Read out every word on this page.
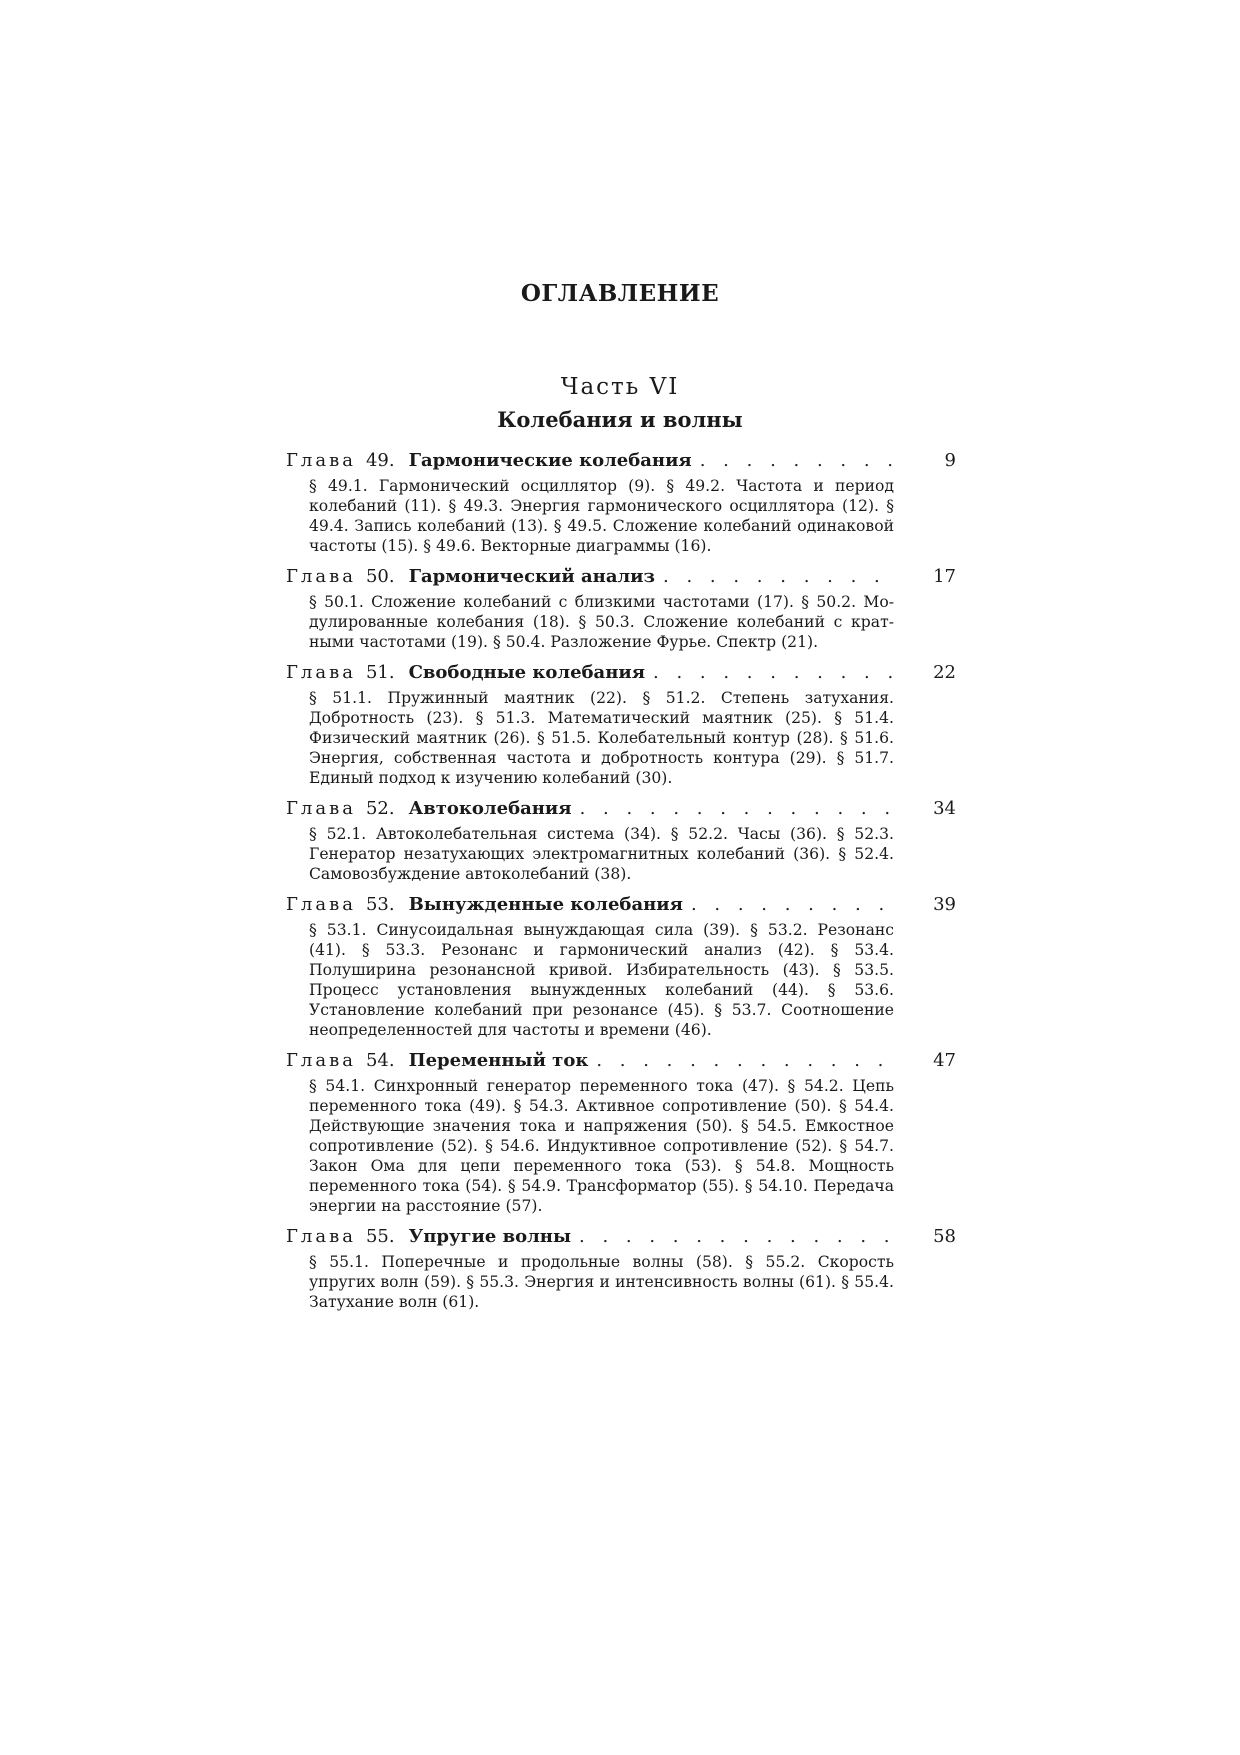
ОГЛАВЛЕНИЕ
Часть VI
Колебания и волны
Глава 49. Гармонические колебания . . .	9
§ 49.1. Гармонический осциллятор (9). § 49.2. Частота и период колебаний (11). § 49.3. Энергия гармонического осциллятора (12). § 49.4. Запись колебаний (13). § 49.5. Сложение колебаний одинаковой частоты (15). § 49.6. Векторные диаграммы (16).
Глава 50. Гармонический анализ . . .	17
§ 50.1. Сложение колебаний с близкими частотами (17). § 50.2. Модулированные колебания (18). § 50.3. Сложение колебаний с кратными частотами (19). § 50.4. Разложение Фурье. Спектр (21).
Глава 51. Свободные колебания . . .	22
§ 51.1. Пружинный маятник (22). § 51.2. Степень затухания. Добротность (23). § 51.3. Математический маятник (25). § 51.4. Физический маятник (26). § 51.5. Колебательный контур (28). § 51.6. Энергия, собственная частота и добротность контура (29). § 51.7. Единый подход к изучению колебаний (30).
Глава 52. Автоколебания . . .	34
§ 52.1. Автоколебательная система (34). § 52.2. Часы (36). § 52.3. Генератор незатухающих электромагнитных колебаний (36). § 52.4. Самовозбуждение автоколебаний (38).
Глава 53. Вынужденные колебания . . .	39
§ 53.1. Синусоидальная вынуждающая сила (39). § 53.2. Резонанс (41). § 53.3. Резонанс и гармонический анализ (42). § 53.4. Полуширина резонансной кривой. Избирательность (43). § 53.5. Процесс установления вынужденных колебаний (44). § 53.6. Установление колебаний при резонансе (45). § 53.7. Соотношение неопределенностей для частоты и времени (46).
Глава 54. Переменный ток . . .	47
§ 54.1. Синхронный генератор переменного тока (47). § 54.2. Цепь переменного тока (49). § 54.3. Активное сопротивление (50). § 54.4. Действующие значения тока и напряжения (50). § 54.5. Емкостное сопротивление (52). § 54.6. Индуктивное сопротивление (52). § 54.7. Закон Ома для цепи переменного тока (53). § 54.8. Мощность переменного тока (54). § 54.9. Трансформатор (55). § 54.10. Передача энергии на расстояние (57).
Глава 55. Упругие волны . . .	58
§ 55.1. Поперечные и продольные волны (58). § 55.2. Скорость упругих волн (59). § 55.3. Энергия и интенсивность волны (61). § 55.4. Затухание волн (61).
